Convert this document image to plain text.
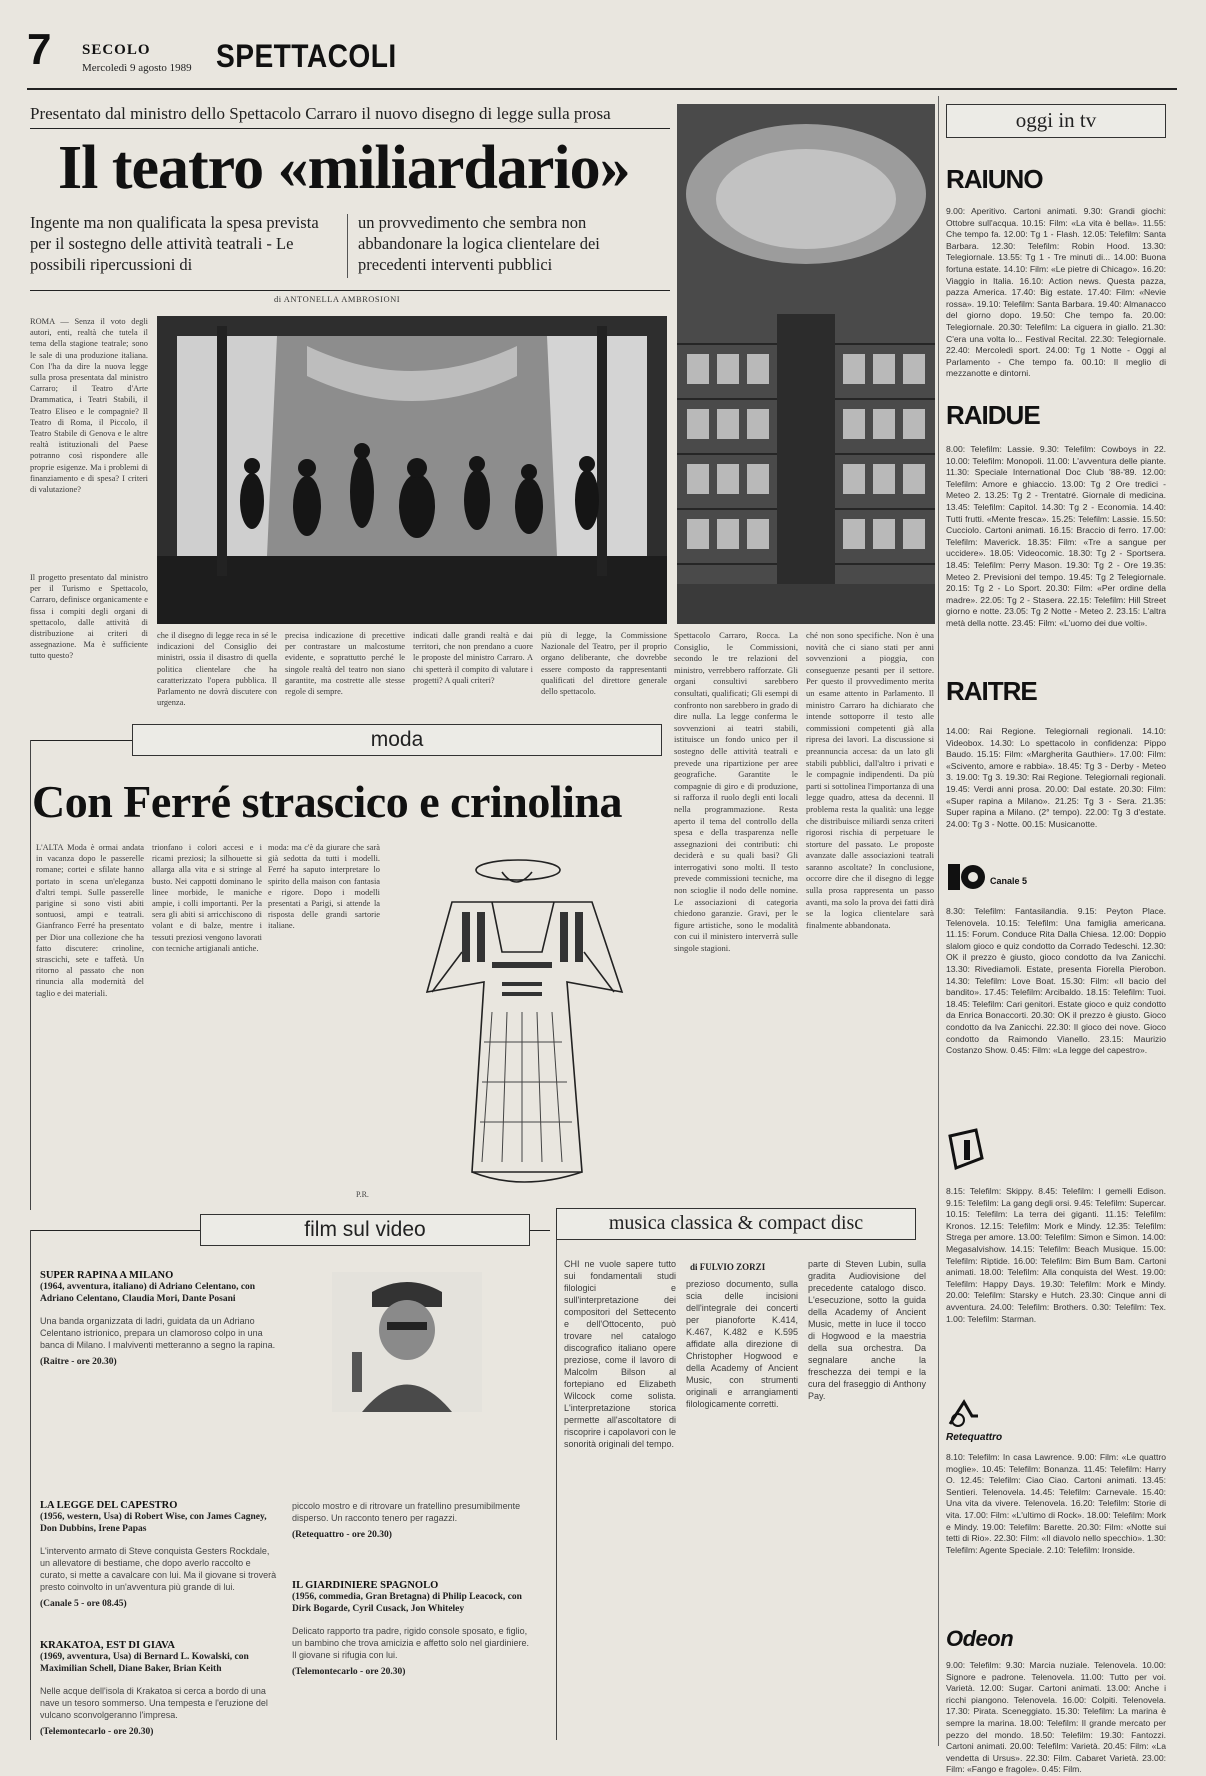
7 SECOLO
Mercoledì 9 agosto 1989 SPETTACOLI
Presentato dal ministro dello Spettacolo Carraro il nuovo disegno di legge sulla prosa
Il teatro «miliardario»
Ingente ma non qualificata la spesa prevista per il sostegno delle attività teatrali - Le possibili ripercussioni di
un provvedimento che sembra non abbandonare la logica clientelare dei precedenti interventi pubblici
di ANTONELLA AMBROSIONI
ROMA — Senza il voto degli autori, enti, realtà che tutela il tema della stagione teatrale; sono le sale di una produzione italiana. Con l'ha da dire la nuova legge sulla prosa presentata dal ministro Carraro; il Teatro d'Arte Drammatica, i Teatri Stabili, il Teatro Eliseo e le compagnie? Il Teatro di Roma, il Piccolo, il Teatro Stabile di Genova e le altre realtà istituzionali del Paese potranno così rispondere alle proprie esigenze. Ma i problemi di finanziamento e di spesa? I criteri di valutazione?
Il progetto presentato dal ministro per il Turismo e Spettacolo, Carraro, definisce organicamente e fissa i compiti degli organi di spettacolo, dalle attività di distribuzione ai criteri di assegnazione. Ma è sufficiente tutto questo?
che il disegno di legge reca in sé le indicazioni del Consiglio dei ministri, ossia il disastro di quella politica clientelare che ha caratterizzato l'opera pubblica. Il Parlamento ne dovrà discutere con urgenza.
precisa indicazione di precettive per contrastare un malcostume evidente, e soprattutto perché le singole realtà del teatro non siano garantite, ma costrette alle stesse regole di sempre.
indicati dalle grandi realtà e dai territori, che non prendano a cuore le proposte del ministro Carraro. A chi spetterà il compito di valutare i progetti? A quali criteri?
più di legge, la Commissione Nazionale del Teatro, per il proprio organo deliberante, che dovrebbe essere composto da rappresentanti qualificati del direttore generale dello spettacolo.
Spettacolo Carraro, Rocca. La Consiglio, le Commissioni, secondo le tre relazioni del ministro, verrebbero rafforzate. Gli organi consultivi sarebbero consultati, qualificati; Gli esempi di confronto non sarebbero in grado di dire nulla. La legge conferma le sovvenzioni ai teatri stabili, istituisce un fondo unico per il sostegno delle attività teatrali e prevede una ripartizione per aree geografiche. Garantite le compagnie di giro e di produzione, si rafforza il ruolo degli enti locali nella programmazione. Resta aperto il tema del controllo della spesa e della trasparenza nelle assegnazioni dei contributi: chi deciderà e su quali basi? Gli interrogativi sono molti. Il testo prevede commissioni tecniche, ma non scioglie il nodo delle nomine. Le associazioni di categoria chiedono garanzie. Gravi, per le figure artistiche, sono le modalità con cui il ministero interverrà sulle singole stagioni.
ché non sono specifiche. Non è una novità che ci siano stati per anni sovvenzioni a pioggia, con conseguenze pesanti per il settore. Per questo il provvedimento merita un esame attento in Parlamento. Il ministro Carraro ha dichiarato che intende sottoporre il testo alle commissioni competenti già alla ripresa dei lavori. La discussione si preannuncia accesa: da un lato gli stabili pubblici, dall'altro i privati e le compagnie indipendenti. Da più parti si sottolinea l'importanza di una legge quadro, attesa da decenni. Il problema resta la qualità: una legge che distribuisce miliardi senza criteri rigorosi rischia di perpetuare le storture del passato. Le proposte avanzate dalle associazioni teatrali saranno ascoltate? In conclusione, occorre dire che il disegno di legge sulla prosa rappresenta un passo avanti, ma solo la prova dei fatti dirà se la logica clientelare sarà finalmente abbandonata.
moda
Con Ferré strascico e crinolina
L'ALTA Moda è ormai andata in vacanza dopo le passerelle romane; cortei e sfilate hanno portato in scena un'eleganza d'altri tempi. Sulle passerelle parigine si sono visti abiti sontuosi, ampi e teatrali. Gianfranco Ferré ha presentato per Dior una collezione che ha fatto discutere: crinoline, strascichi, sete e taffetà. Un ritorno al passato che non rinuncia alla modernità del taglio e dei materiali.
trionfano i colori accesi e i ricami preziosi; la silhouette si allarga alla vita e si stringe al busto. Nei cappotti dominano le linee morbide, le maniche ampie, i colli importanti. Per la sera gli abiti si arricchiscono di volant e di balze, mentre i tessuti preziosi vengono lavorati con tecniche artigianali antiche.
moda: ma c'è da giurare che sarà già sedotta da tutti i modelli. Ferré ha saputo interpretare lo spirito della maison con fantasia e rigore. Dopo i modelli presentati a Parigi, si attende la risposta delle grandi sartorie italiane.
P.R.
film sul video
SUPER RAPINA A MILANO
(1964, avventura, italiano) di Adriano Celentano, con Adriano Celentano, Claudia Mori, Dante Posani
Una banda organizzata di ladri, guidata da un Adriano Celentano istrionico, prepara un clamoroso colpo in una banca di Milano. I malviventi metteranno a segno la rapina.
(Raitre - ore 20.30)
LA LEGGE DEL CAPESTRO
(1956, western, Usa) di Robert Wise, con James Cagney, Don Dubbins, Irene Papas
L'intervento armato di Steve conquista Gesters Rockdale, un allevatore di bestiame, che dopo averlo raccolto e curato, si mette a cavalcare con lui. Ma il giovane si troverà presto coinvolto in un'avventura più grande di lui.
(Canale 5 - ore 08.45)
KRAKATOA, EST DI GIAVA
(1969, avventura, Usa) di Bernard L. Kowalski, con Maximilian Schell, Diane Baker, Brian Keith
Nelle acque dell'isola di Krakatoa si cerca a bordo di una nave un tesoro sommerso. Una tempesta e l'eruzione del vulcano sconvolgeranno l'impresa.
(Telemontecarlo - ore 20.30)
piccolo mostro e di ritrovare un fratellino presumibilmente disperso. Un racconto tenero per ragazzi.
(Retequattro - ore 20.30)
IL GIARDINIERE SPAGNOLO
(1956, commedia, Gran Bretagna) di Philip Leacock, con Dirk Bogarde, Cyril Cusack, Jon Whiteley
Delicato rapporto tra padre, rigido console sposato, e figlio, un bambino che trova amicizia e affetto solo nel giardiniere. Il giovane si rifugia con lui.
(Telemontecarlo - ore 20.30)
musica classica & compact disc
di FULVIO ZORZI
CHI ne vuole sapere tutto sui fondamentali studi filologici e sull'interpretazione dei compositori del Settecento e dell'Ottocento, può trovare nel catalogo discografico italiano opere preziose, come il lavoro di Malcolm Bilson al fortepiano ed Elizabeth Wilcock come solista. L'interpretazione storica permette all'ascoltatore di riscoprire i capolavori con le sonorità originali del tempo.
prezioso documento, sulla scia delle incisioni dell'integrale dei concerti per pianoforte K.414, K.467, K.482 e K.595 affidate alla direzione di Christopher Hogwood e della Academy of Ancient Music, con strumenti originali e arrangiamenti filologicamente corretti.
parte di Steven Lubin, sulla gradita Audiovisione del precedente catalogo disco. L'esecuzione, sotto la guida della Academy of Ancient Music, mette in luce il tocco di Hogwood e la maestria della sua orchestra. Da segnalare anche la freschezza dei tempi e la cura del fraseggio di Anthony Pay.
oggi in tv
RAIUNO
9.00: Aperitivo. Cartoni animati. 9.30: Grandi giochi: Ottobre sull'acqua. 10.15: Film: «La vita è bella». 11.55: Che tempo fa. 12.00: Tg 1 - Flash. 12.05: Telefilm: Santa Barbara. 12.30: Telefilm: Robin Hood. 13.30: Telegiornale. 13.55: Tg 1 - Tre minuti di... 14.00: Buona fortuna estate. 14.10: Film: «Le pietre di Chicago». 16.20: Viaggio in Italia. 16.10: Action news. Questa pazza, pazza America. 17.40: Big estate. 17.40: Film: «Nevie rossa». 19.10: Telefilm: Santa Barbara. 19.40: Almanacco del giorno dopo. 19.50: Che tempo fa. 20.00: Telegiornale. 20.30: Telefilm: La ciguera in giallo. 21.30: C'era una volta lo... Festival Recital. 22.30: Telegiornale. 22.40: Mercoledì sport. 24.00: Tg 1 Notte - Oggi al Parlamento - Che tempo fa. 00.10: Il meglio di mezzanotte e dintorni.
RAIDUE
8.00: Telefilm: Lassie. 9.30: Telefilm: Cowboys in 22. 10.00: Telefilm: Monopoli. 11.00: L'avventura delle piante. 11.30: Speciale International Doc Club '88-'89. 12.00: Telefilm: Amore e ghiaccio. 13.00: Tg 2 Ore tredici - Meteo 2. 13.25: Tg 2 - Trentatré. Giornale di medicina. 13.45: Telefilm: Capitol. 14.30: Tg 2 - Economia. 14.40: Tutti frutti. «Mente fresca». 15.25: Telefilm: Lassie. 15.50: Cucciolo. Cartoni animati. 16.15: Braccio di ferro. 17.00: Telefilm: Maverick. 18.35: Film: «Tre a sangue per uccidere». 18.05: Videocomic. 18.30: Tg 2 - Sportsera. 18.45: Telefilm: Perry Mason. 19.30: Tg 2 - Ore 19.35: Meteo 2. Previsioni del tempo. 19.45: Tg 2 Telegiornale. 20.15: Tg 2 - Lo Sport. 20.30: Film: «Per ordine della madre». 22.05: Tg 2 - Stasera. 22.15: Telefilm: Hill Street giorno e notte. 23.05: Tg 2 Notte - Meteo 2. 23.15: L'altra metà della notte. 23.45: Film: «L'uomo dei due volti».
RAITRE
14.00: Rai Regione. Telegiornali regionali. 14.10: Videobox. 14.30: Lo spettacolo in confidenza: Pippo Baudo. 15.15: Film: «Margherita Gauthier». 17.00: Film: «Scivento, amore e rabbia». 18.45: Tg 3 - Derby - Meteo 3. 19.00: Tg 3. 19.30: Rai Regione. Telegiornali regionali. 19.45: Verdi anni prosa. 20.00: Dal estate. 20.30: Film: «Super rapina a Milano». 21.25: Tg 3 - Sera. 21.35: Super rapina a Milano. (2° tempo). 22.00: Tg 3 d'estate. 24.00: Tg 3 - Notte. 00.15: Musicanotte.
Canale 5
8.30: Telefilm: Fantasilandia. 9.15: Peyton Place. Telenovela. 10.15: Telefilm: Una famiglia americana. 11.15: Forum. Conduce Rita Dalla Chiesa. 12.00: Doppio slalom gioco e quiz condotto da Corrado Tedeschi. 12.30: OK il prezzo è giusto, gioco condotto da Iva Zanicchi. 13.30: Rivediamoli. Estate, presenta Fiorella Pierobon. 14.30: Telefilm: Love Boat. 15.30: Film: «Il bacio del bandito». 17.45: Telefilm: Arcibaldo. 18.15: Telefilm: Tuoi. 18.45: Telefilm: Cari genitori. Estate gioco e quiz condotto da Enrica Bonaccorti. 20.30: OK il prezzo è giusto. Gioco condotto da Iva Zanicchi. 22.30: Il gioco dei nove. Gioco condotto da Raimondo Vianello. 23.15: Maurizio Costanzo Show. 0.45: Film: «La legge del capestro».
8.15: Telefilm: Skippy. 8.45: Telefilm: I gemelli Edison. 9.15: Telefilm: La gang degli orsi. 9.45: Telefilm: Supercar. 10.15: Telefilm: La terra dei giganti. 11.15: Telefilm: Kronos. 12.15: Telefilm: Mork e Mindy. 12.35: Telefilm: Strega per amore. 13.00: Telefilm: Simon e Simon. 14.00: Megasalvishow. 14.15: Telefilm: Beach Musique. 15.00: Telefilm: Riptide. 16.00: Telefilm: Bim Bum Bam. Cartoni animati. 18.00: Telefilm: Alla conquista del West. 19.00: Telefilm: Happy Days. 19.30: Telefilm: Mork e Mindy. 20.00: Telefilm: Starsky e Hutch. 23.30: Cinque anni di avventura. 24.00: Telefilm: Brothers. 0.30: Telefilm: Tex. 1.00: Telefilm: Starman.
Retequattro
8.10: Telefilm: In casa Lawrence. 9.00: Film: «Le quattro moglie». 10.45: Telefilm: Bonanza. 11.45: Telefilm: Harry O. 12.45: Telefilm: Ciao Ciao. Cartoni animati. 13.45: Sentieri. Telenovela. 14.45: Telefilm: Carnevale. 15.40: Una vita da vivere. Telenovela. 16.20: Telefilm: Storie di vita. 17.00: Film: «L'ultimo di Rock». 18.00: Telefilm: Mork e Mindy. 19.00: Telefilm: Barette. 20.30: Film: «Notte sui tetti di Rio». 22.30: Film: «Il diavolo nello specchio». 1.30: Telefilm: Agente Speciale. 2.10: Telefilm: Ironside.
Odeon
9.00: Telefilm: 9.30: Marcia nuziale. Telenovela. 10.00: Signore e padrone. Telenovela. 11.00: Tutto per voi. Varietà. 12.00: Sugar. Cartoni animati. 13.00: Anche i ricchi piangono. Telenovela. 16.00: Colpiti. Telenovela. 17.30: Pirata. Sceneggiato. 15.30: Telefilm: La marina è sempre la marina. 18.00: Telefilm: Il grande mercato per pezzo del mondo. 18.50: Telefilm: 19.30: Fantozzi. Cartoni animati. 20.00: Telefilm: Varietà. 20.45: Film: «La vendetta di Ursus». 22.30: Film. Cabaret Varietà. 23.00: Film: «Fango e fragole». 0.45: Film.
